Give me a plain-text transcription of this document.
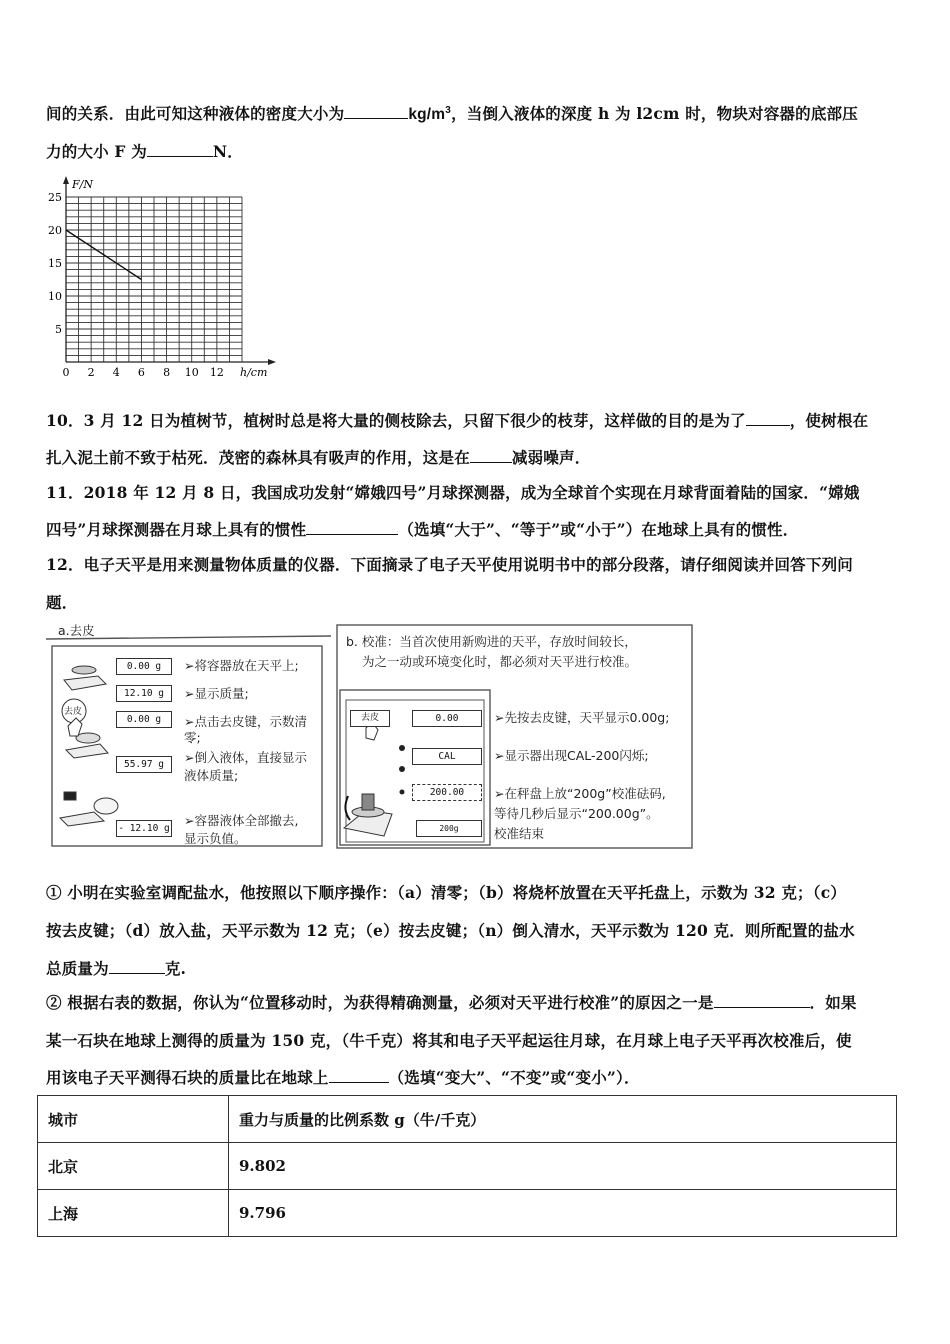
间的关系．由此可知这种液体的密度大小为	$kg/m^3$，当倒入液体的深度 h 为 l2cm 时，物块对容器的底部压
力的大小 F 为	N．
F/N
h/cm
25
20
15
10
5
0 2 4 6 8 10 12
10．3 月 12 日为植树节，植树时总是将大量的侧枝除去，只留下很少的枝芽，这样做的目的是为了	，使树根在
扎入泥土前不致于枯死．茂密的森林具有吸声的作用，这是在	减弱噪声．
11．2018 年 12 月 8 日，我国成功发射“嫦娥四号”月球探测器，成为全球首个实现在月球背面着陆的国家．“嫦娥
四号”月球探测器在月球上具有的惯性	（选填“大于”、“等于”或“小于”）在地球上具有的惯性．
12．电子天平是用来测量物体质量的仪器．下面摘录了电子天平使用说明书中的部分段落，请仔细阅读并回答下列问
题．
a.去皮
去皮
0.00 g
12.10 g
0.00 g
55.97 g
- 12.10 g
➢将容器放在天平上;
➢显示质量;
➢点击去皮键，示数清
零;
➢倒入液体，直接显示
液体质量;
➢容器液体全部撤去,
显示负值。
b. 校准：当首次使用新购进的天平，存放时间较长，
为之一动或环境变化时，都必须对天平进行校准。
去皮	0.00
CAL
200.00
200g
➢先按去皮键，天平显示0.00g;
➢显示器出现CAL-200闪烁;
➢在秤盘上放“200g”校准砝码,
等待几秒后显示“200.00g”。
校准结束
① 小明在实验室调配盐水，他按照以下顺序操作：（a）清零；（b）将烧杯放置在天平托盘上，示数为 32 克；（c）
按去皮键；（d）放入盐，天平示数为 12 克；（e）按去皮键；（n）倒入清水，天平示数为 120 克．则所配置的盐水
总质量为	克.
② 根据右表的数据，你认为“位置移动时，为获得精确测量，必须对天平进行校准”的原因之一是	．如果
某一石块在地球上测得的质量为 150 克，（牛千克）将其和电子天平起运往月球，在月球上电子天平再次校准后，使
用该电子天平测得石块的质量比在地球上	（选填“变大”、“不变”或“变小”）．
城市	重力与质量的比例系数 g（牛/千克）
北京	9.802
上海	9.796
